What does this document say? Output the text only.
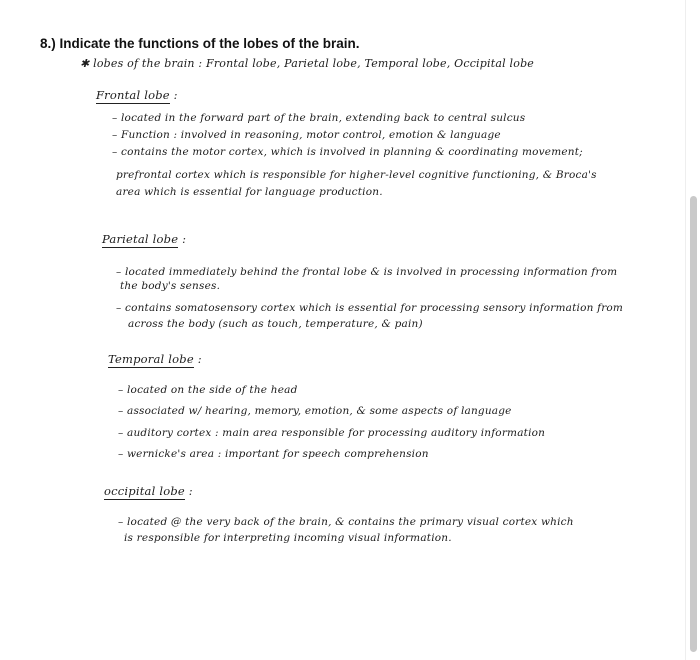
8.) Indicate the functions of the lobes of the brain.
✱ lobes of the brain : Frontal lobe, Parietal lobe, Temporal lobe, Occipital lobe
Frontal lobe :
– located in the forward part of the brain, extending back to central sulcus
– Function : involved in reasoning, motor control, emotion & language
– contains the motor cortex, which is involved in planning & coordinating movement;
prefrontal cortex which is responsible for higher-level cognitive functioning, & Broca's
area which is essential for language production.
Parietal lobe :
– located immediately behind the frontal lobe & is involved in processing information from
the body's senses.
– contains somatosensory cortex which is essential for processing sensory information from
across the body (such as touch, temperature, & pain)
Temporal lobe :
– located on the side of the head
– associated w/ hearing, memory, emotion, & some aspects of language
– auditory cortex : main area responsible for processing auditory information
– wernicke's area : important for speech comprehension
occipital lobe :
– located @ the very back of the brain, & contains the primary visual cortex which
is responsible for interpreting incoming visual information.
